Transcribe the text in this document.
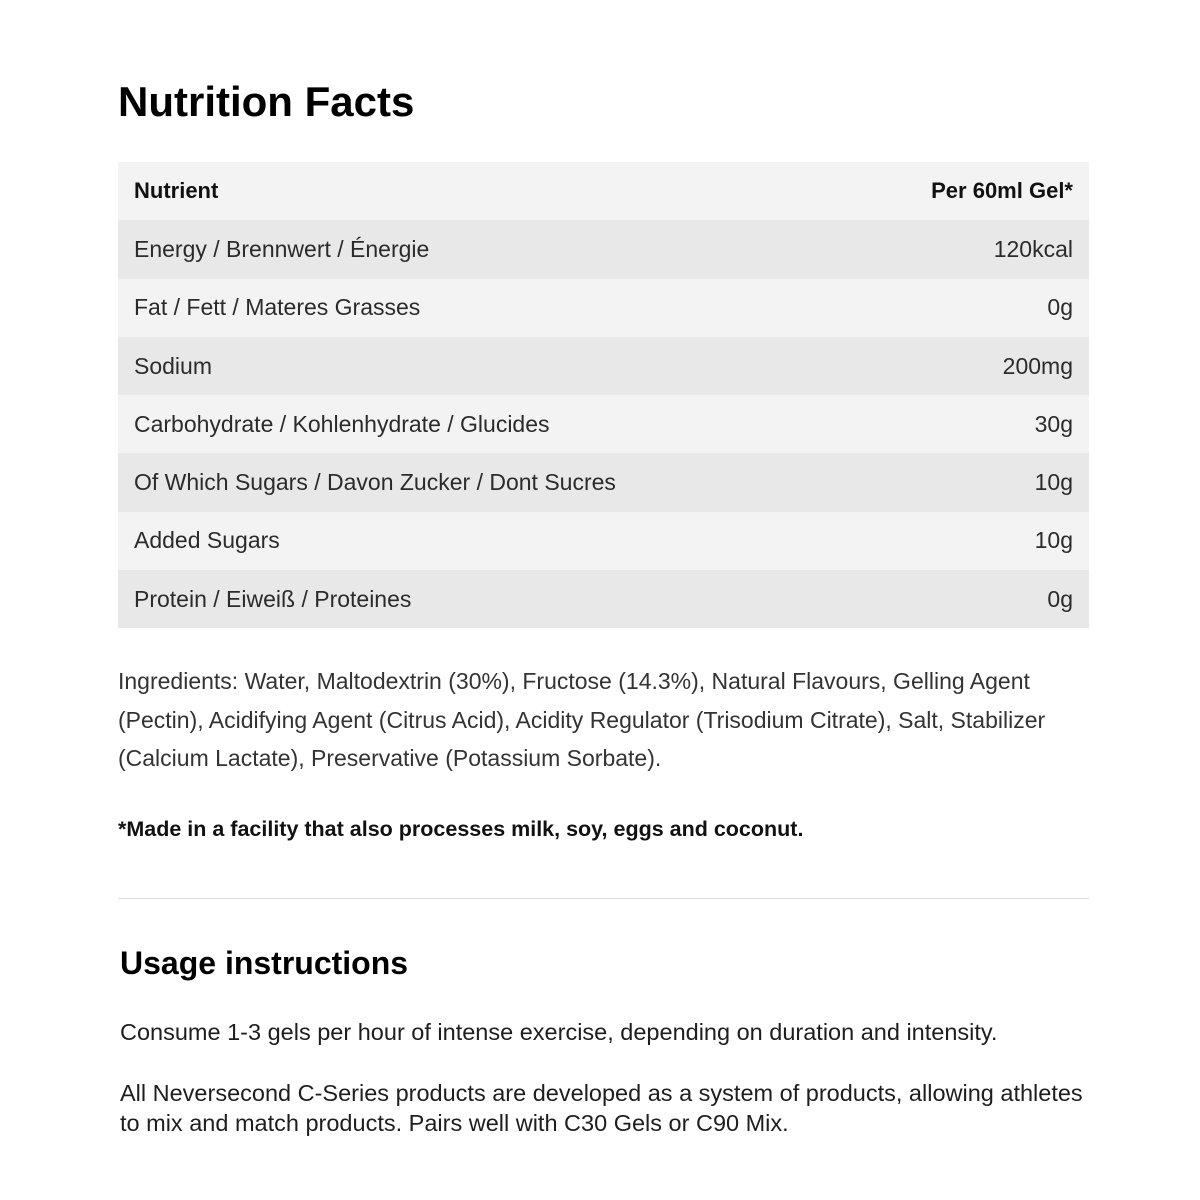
Nutrition Facts
Nutrient	Per 60ml Gel*
Energy / Brennwert / Énergie	120kcal
Fat / Fett / Materes Grasses	0g
Sodium	200mg
Carbohydrate / Kohlenhydrate / Glucides	30g
Of Which Sugars / Davon Zucker / Dont Sucres	10g
Added Sugars	10g
Protein / Eiweiß / Proteines	0g

Ingredients: Water, Maltodextrin (30%), Fructose (14.3%), Natural Flavours, Gelling Agent (Pectin), Acidifying Agent (Citrus Acid), Acidity Regulator (Trisodium Citrate), Salt, Stabilizer (Calcium Lactate), Preservative (Potassium Sorbate).

*Made in a facility that also processes milk, soy, eggs and coconut.

Usage instructions

Consume 1-3 gels per hour of intense exercise, depending on duration and intensity.

All Neversecond C-Series products are developed as a system of products, allowing athletes to mix and match products. Pairs well with C30 Gels or C90 Mix.
